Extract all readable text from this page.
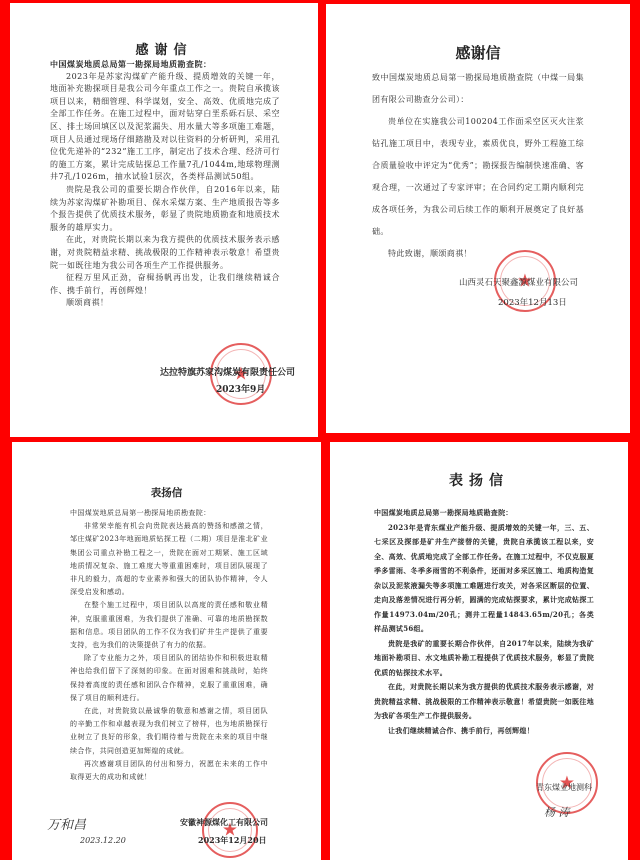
感谢信

中国煤炭地质总局第一勘探局地质勘查院：

2023年是苏家沟煤矿产能升级、提质增效的关键一年，地面补充勘探项目是我公司今年重点工作之一。贵院自承揽该项目以来，精细管理、科学谋划，安全、高效、优质地完成了全部工作任务。在施工过程中，面对钻穿白垩系砾石层、采空区、排土场回填区以及泥浆漏失、用水量大等多项施工难题，项目人员通过现场仔细踏勘及对以往资料的分析研判，采用孔位优先递补的“232”施工工序，制定出了技术合理、经济可行的施工方案，累计完成钻探总工作量7孔/1044m,地球物理测井7孔/1026m，抽水试验1层次，各类样品测试50组。

贵院是我公司的重要长期合作伙伴，自2016年以来，陆续为苏家沟煤矿补勘项目、保水采煤方案、生产地质报告等多个报告提供了优质技术服务，彰显了贵院地质勘查和地质技术服务的雄厚实力。

在此，对贵院长期以来为我方提供的优质技术服务表示感谢，对贵院精益求精、挑战极限的工作精神表示敬意！希望贵院一如既往地为我公司各项生产工作提供服务。

征程万里风正劲，奋楫扬帆再出发，让我们继续精诚合作、携手前行，再创辉煌！

顺颂商祺！

★
达拉特旗苏家沟煤炭有限责任公司
2023年9月
感谢信

致中国煤炭地质总局第一勘探局地质勘查院（中煤一局集团有限公司勘查分公司）：

贵单位在实施我公司100204工作面采空区灭火注浆钻孔施工项目中，表现专业，素质优良，野外工程施工综合质量验收中评定为“优秀”；勘探报告编制快速准确、客观合理，一次通过了专家评审；在合同约定工期内顺利完成各项任务，为我公司后续工作的顺利开展奠定了良好基础。

特此致谢，顺颂商祺！

★
山西灵石天聚鑫源煤业有限公司
2023年12月13日
表扬信

中国煤炭地质总局第一勘探局地质勘查院：

非常荣幸能有机会向贵院表达最高的赞扬和感激之情，邹庄煤矿2023年地面地质钻探工程（二期）项目是淮北矿业集团公司重点补勘工程之一，贵院在面对工期紧、施工区域地质情况复杂、施工难度大等重重困难时，项目团队展现了非凡的毅力，高超的专业素养和强大的团队协作精神，令人深受启发和感动。

在整个施工过程中，项目团队以高度的责任感和敬业精神，克服重重困难，为我们提供了准确、可靠的地质勘探数据和信息。项目团队的工作不仅为我们矿井生产提供了重要支持，也为我们的决策提供了有力的依据。

除了专业能力之外，项目团队的团结协作和积极进取精神也给我们留下了深刻的印象。在面对困难和挑战时，始终保持着高度的责任感和团队合作精神，克服了重重困难，确保了项目的顺利进行。

在此，对贵院致以最诚挚的敬意和感谢之情，项目团队的辛勤工作和卓越表现为我们树立了榜样，也为地质勘探行业树立了良好的形象，我们期待着与贵院在未来的项目中继续合作，共同创造更加辉煌的成就。

再次感谢项目团队的付出和努力，祝愿在未来的工作中取得更大的成功和成就！

万和昌
2023.12.20
★
安徽神源煤化工有限公司
2023年12月20日
表扬信

中国煤炭地质总局第一勘探局地质勘查院：

2023年是青东煤业产能升级、提质增效的关键一年，三、五、七采区及探部是矿井生产接替的关键，贵院自承揽该工程以来，安全、高效、优质地完成了全部工作任务。在施工过程中，不仅克服夏季多雷雨、冬季多雨雪的不利条件，还面对多采区施工、地质构造复杂以及泥浆液漏失等多项施工难题进行攻关，对各采区断层的位置、走向及落差情况进行再分析，圆满的完成钻探要求，累计完成钻探工作量14973.04m/20孔；测井工程量14843.65m/20孔；各类样品测试56组。

贵院是我矿的重要长期合作伙伴，自2017年以来，陆续为我矿地面补勘项目、水文地质补勘工程提供了优质技术服务，彰显了贵院优质的钻探技术水平。

在此，对贵院长期以来为我方提供的优质技术服务表示感谢，对贵院精益求精、挑战极限的工作精神表示敬意！希望贵院一如既往地为我矿各项生产工作提供服务。

让我们继续精诚合作、携手前行，再创辉煌！

★
青东煤业地测科
杨 涛
